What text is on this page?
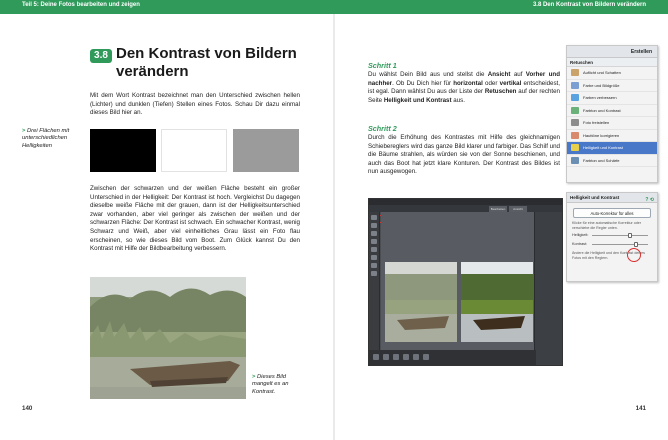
Teil 5: Deine Fotos bearbeiten und zeigen	3.8 Den Kontrast von Bildern verändern
3.8 Den Kontrast von Bildern verändern
Mit dem Wort Kontrast bezeichnet man den Unterschied zwischen hellen (Lichter) und dunklen (Tiefen) Stellen eines Fotos. Schau Dir dazu einmal dieses Bild hier an.
> Drei Flächen mit unterschiedlichen Helligkeiten
Zwischen der schwarzen und der weißen Fläche besteht ein großer Unterschied in der Helligkeit: Der Kontrast ist hoch. Vergleichst Du dagegen dieselbe weiße Fläche mit der grauen, dann ist der Helligkeitsunterschied zwar vorhanden, aber viel geringer als zwischen der weißen und der schwarzen Fläche: Der Kontrast ist schwach. Ein schwacher Kontrast, wenig Schwarz und Weiß, aber viel einheitliches Grau lässt ein Foto flau erscheinen, so wie dieses Bild vom Boot. Zum Glück kannst Du den Kontrast mit Hilfe der Bildbearbeitung verbessern.
> Dieses Bild mangelt es an Kontrast.
140
Schritt 1
Du wählst Dein Bild aus und stellst die Ansicht auf Vorher und nachher. Ob Du Dich hier für horizontal oder vertikal entscheidest, ist egal. Dann wählst Du aus der Liste der Retuschen auf der rechten Seite Helligkeit und Kontrast aus.
Schritt 2
Durch die Erhöhung des Kontrastes mit Hilfe des gleichnamigen Schiebereglers wird das ganze Bild klarer und farbiger. Das Schilf und die Bäume strahlen, als würden sie von der Sonne beschienen, und auch das Boot hat jetzt klare Konturen. Der Kontrast des Bildes ist nun ausgewogen.
Erstellen
Retuschen
Auflicht und Schatten
Farbe und Bildgröße
Farben verbessern
Farbton und Kontrast
Foto freistellen
Hauttöne korrigieren
Helligkeit und Kontrast
Farbton und Schärfe
Helligkeit und Kontrast	? ⟲
Auto-Korrektur für alles
Klicke für eine automatische Korrektur oder verschiebe die Regler unten.
Helligkeit:
Kontrast:
Ändere die Helligkeit und den Kontrast deines Fotos mit den Reglern.
Bearbeiten	Ansicht
141
